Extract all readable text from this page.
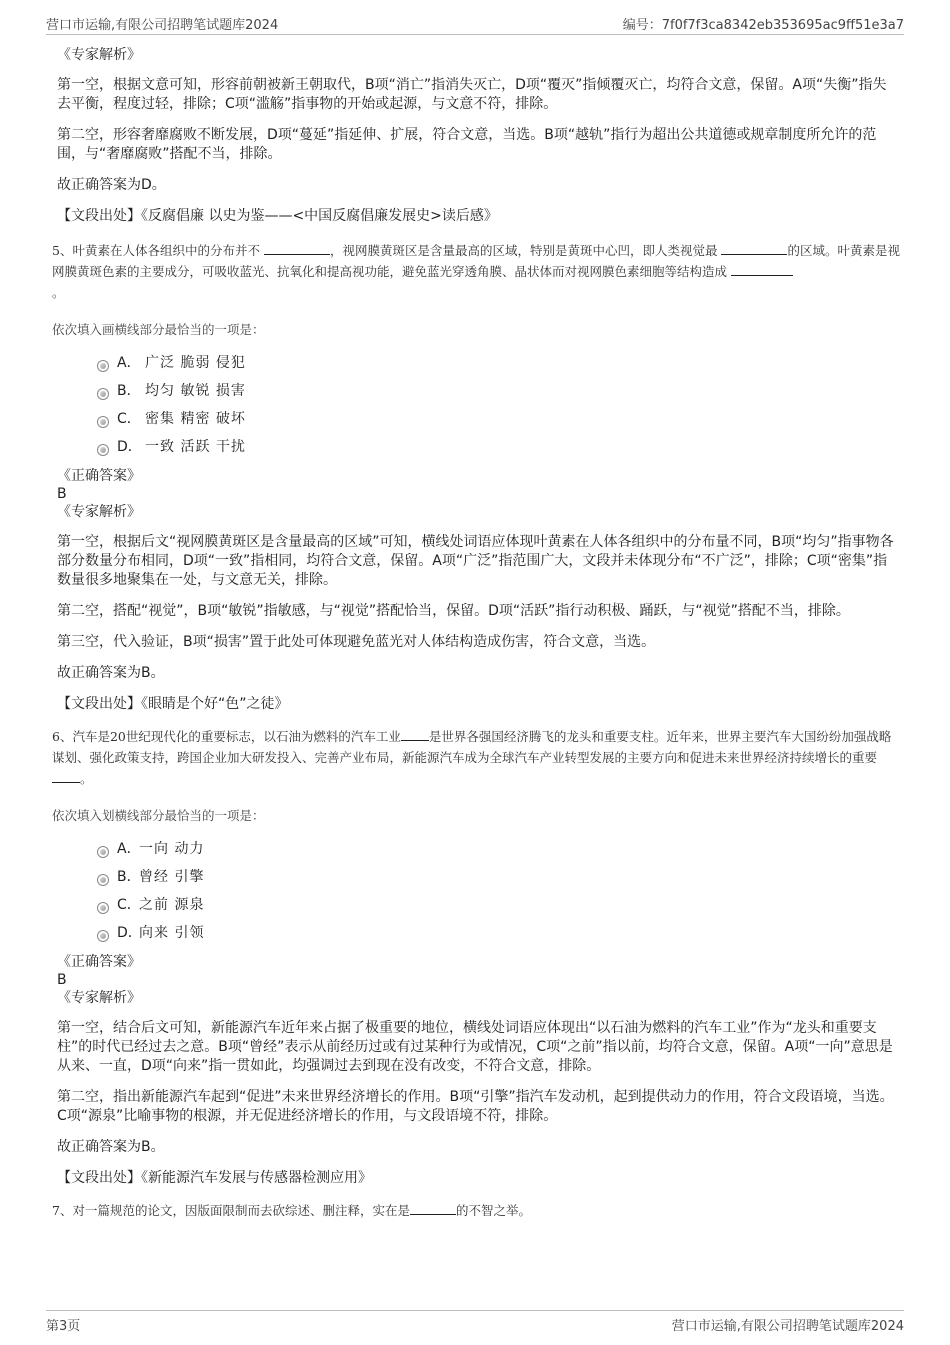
营口市运输,有限公司招聘笔试题库2024	编号：7f0f7f3ca8342eb353695ac9ff51e3a7
《专家解析》

第一空，根据文意可知，形容前朝被新王朝取代，B项“消亡”指消失灭亡，D项“覆灭”指倾覆灭亡，均符合文意，保留。A项“失衡”指失去平衡，程度过轻，排除；C项“滥觞”指事物的开始或起源，与文意不符，排除。

第二空，形容奢靡腐败不断发展，D项“蔓延”指延伸、扩展，符合文意，当选。B项“越轨”指行为超出公共道德或规章制度所允许的范围，与“奢靡腐败”搭配不当，排除。

故正确答案为D。

【文段出处】《反腐倡廉 以史为鉴——<中国反腐倡廉发展史>读后感》

5、叶黄素在人体各组织中的分布并不	，视网膜黄斑区是含量最高的区域，特别是黄斑中心凹，即人类视觉最	的区域。叶黄素是视网膜黄斑色素的主要成分，可吸收蓝光、抗氧化和提高视功能，避免蓝光穿透角膜、晶状体而对视网膜色素细胞等结构造成
。

依次填入画横线部分最恰当的一项是：

A． 广泛 脆弱 侵犯
B． 均匀 敏锐 损害
C． 密集 精密 破坏
D． 一致 活跃 干扰
《正确答案》
B
《专家解析》

第一空，根据后文“视网膜黄斑区是含量最高的区域”可知，横线处词语应体现叶黄素在人体各组织中的分布量不同，B项“均匀”指事物各部分数量分布相同，D项“一致”指相同，均符合文意，保留。A项“广泛”指范围广大，文段并未体现分布“不广泛”，排除；C项“密集”指数量很多地聚集在一处，与文意无关，排除。

第二空，搭配“视觉”，B项“敏锐”指敏感，与“视觉”搭配恰当，保留。D项“活跃”指行动积极、踊跃，与“视觉”搭配不当，排除。

第三空，代入验证，B项“损害”置于此处可体现避免蓝光对人体结构造成伤害，符合文意，当选。

故正确答案为B。

【文段出处】《眼睛是个好“色”之徒》

6、汽车是20世纪现代化的重要标志，以石油为燃料的汽车工业 是世界各强国经济腾飞的龙头和重要支柱。近年来，世界主要汽车大国纷纷加强战略谋划、强化政策支持，跨国企业加大研发投入、完善产业布局，新能源汽车成为全球汽车产业转型发展的主要方向和促进未来世界经济持续增长的重要。

依次填入划横线部分最恰当的一项是：

A．
一向 动力
B．
曾经 引擎
C．
之前 源泉
D．
向来 引领
《正确答案》
B
《专家解析》

第一空，结合后文可知，新能源汽车近年来占据了极重要的地位，横线处词语应体现出“以石油为燃料的汽车工业”作为“龙头和重要支柱”的时代已经过去之意。B项“曾经”表示从前经历过或有过某种行为或情况，C项“之前”指以前，均符合文意，保留。A项“一向”意思是从来、一直，D项“向来”指一贯如此，均强调过去到现在没有改变，不符合文意，排除。

第二空，指出新能源汽车起到“促进”未来世界经济增长的作用。B项“引擎”指汽车发动机，起到提供动力的作用，符合文段语境，当选。C项“源泉”比喻事物的根源，并无促进经济增长的作用，与文段语境不符，排除。

故正确答案为B。

【文段出处】《新能源汽车发展与传感器检测应用》

7、对一篇规范的论文，因版面限制而去砍综述、删注释，实在是	的不智之举。

第3页	营口市运输,有限公司招聘笔试题库2024
